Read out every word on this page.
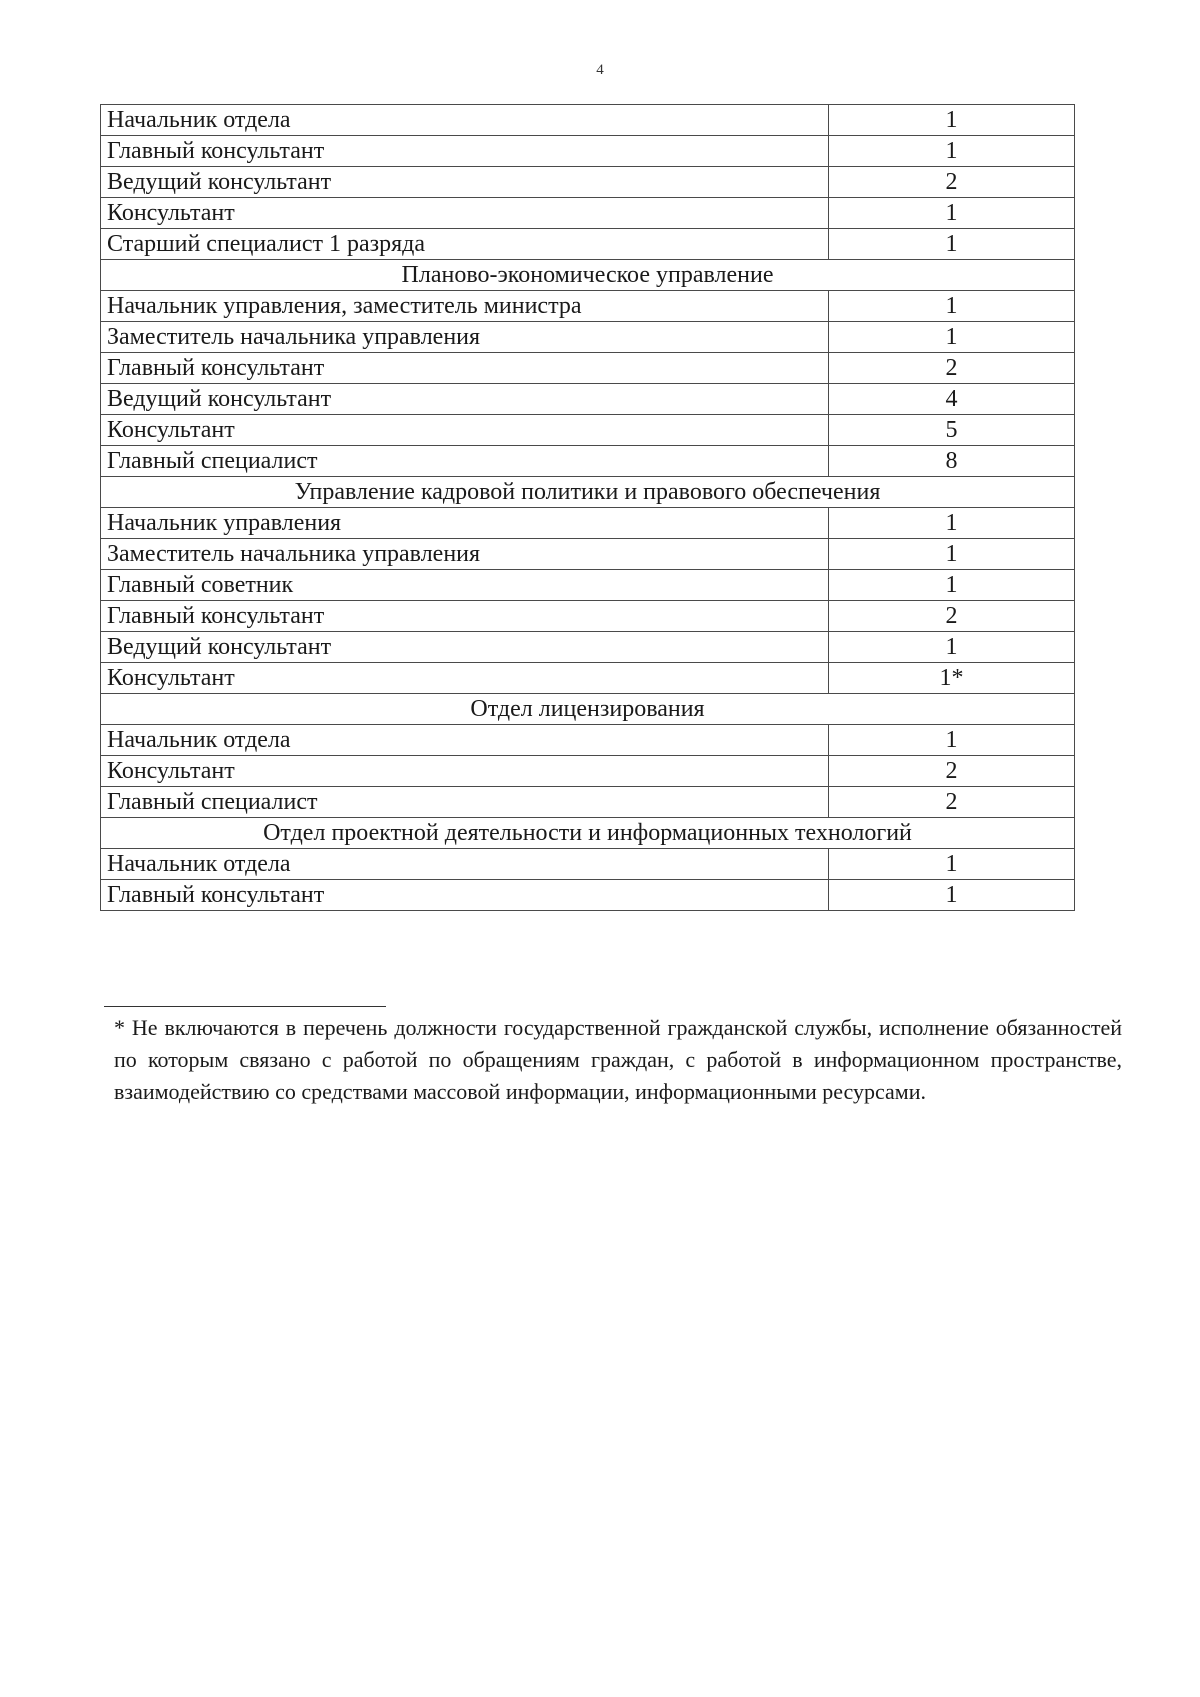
4
Начальник отдела	1
Главный консультант	1
Ведущий консультант	2
Консультант	1
Старший специалист 1 разряда	1
Планово-экономическое управление	
Начальник управления, заместитель министра	1
Заместитель начальника управления	1
Главный консультант	2
Ведущий консультант	4
Консультант	5
Главный специалист	8
Управление кадровой политики и правового обеспечения	
Начальник управления	1
Заместитель начальника управления	1
Главный советник	1
Главный консультант	2
Ведущий консультант	1
Консультант	1*
Отдел лицензирования	
Начальник отдела	1
Консультант	2
Главный специалист	2
Отдел проектной деятельности и информационных технологий	
Начальник отдела	1
Главный консультант	1

* Не включаются в перечень должности государственной гражданской службы, исполнение обязанностей по которым связано с работой по обращениям граждан, с работой в информационном пространстве, взаимодействию со средствами массовой информации, информационными ресурсами.
